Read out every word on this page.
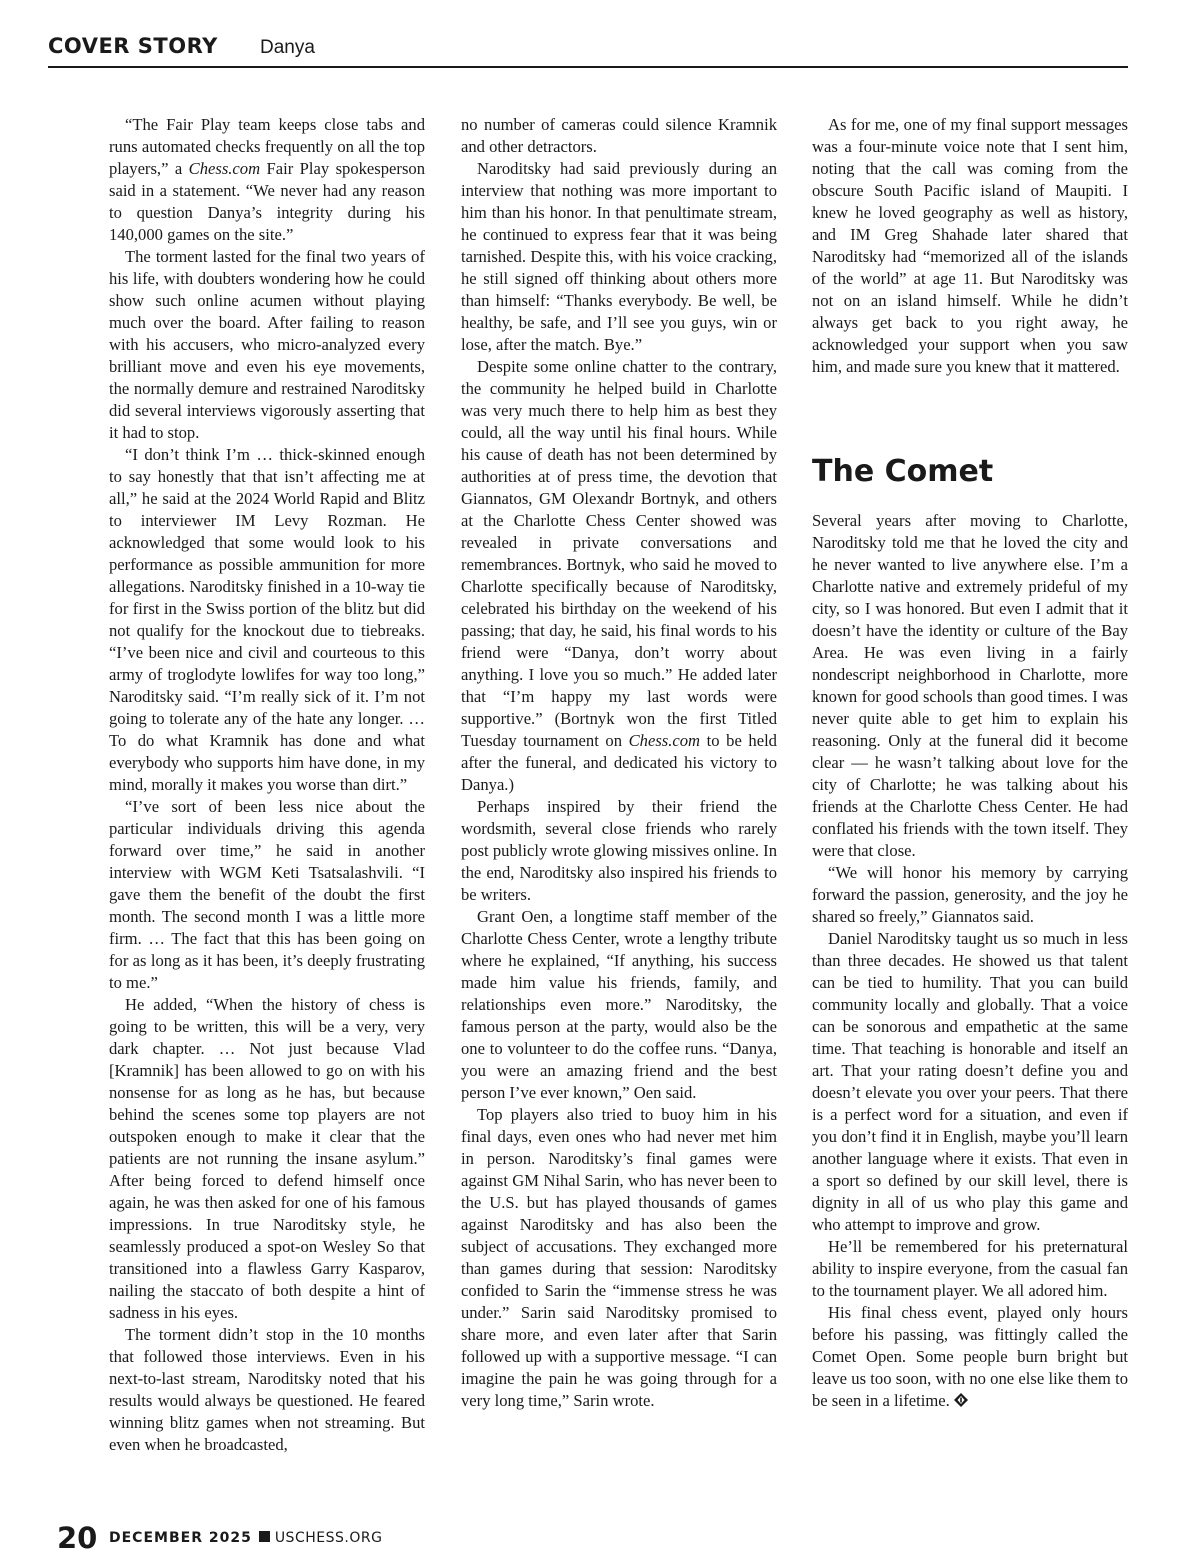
COVER STORY Danya

“The Fair Play team keeps close tabs and runs automated checks frequently on all the top players,” a Chess.com Fair Play spokesperson said in a statement. “We never had any reason to question Danya’s integrity during his 140,000 games on the site.”

The torment lasted for the final two years of his life, with doubters wondering how he could show such online acumen without playing much over the board. After failing to reason with his accusers, who micro-analyzed every brilliant move and even his eye movements, the normally demure and restrained Naroditsky did several interviews vigorously asserting that it had to stop.

“I don’t think I’m … thick-skinned enough to say honestly that that isn’t affecting me at all,” he said at the 2024 World Rapid and Blitz to interviewer IM Levy Rozman. He acknowledged that some would look to his performance as possible ammunition for more allegations. Naroditsky finished in a 10-way tie for first in the Swiss portion of the blitz but did not qualify for the knockout due to tiebreaks. “I’ve been nice and civil and courteous to this army of troglodyte lowlifes for way too long,” Naroditsky said. “I’m really sick of it. I’m not going to tolerate any of the hate any longer. … To do what Kramnik has done and what everybody who supports him have done, in my mind, morally it makes you worse than dirt.”

“I’ve sort of been less nice about the particular individuals driving this agenda forward over time,” he said in another interview with WGM Keti Tsatsalashvili. “I gave them the benefit of the doubt the first month. The second month I was a little more firm. … The fact that this has been going on for as long as it has been, it’s deeply frustrating to me.”

He added, “When the history of chess is going to be written, this will be a very, very dark chapter. … Not just because Vlad [Kramnik] has been allowed to go on with his nonsense for as long as he has, but because behind the scenes some top players are not outspoken enough to make it clear that the patients are not running the insane asylum.” After being forced to defend himself once again, he was then asked for one of his famous impressions. In true Naroditsky style, he seamlessly produced a spot-on Wesley So that transitioned into a flawless Garry Kasparov, nailing the staccato of both despite a hint of sadness in his eyes.

The torment didn’t stop in the 10 months that followed those interviews. Even in his next-to-last stream, Naroditsky noted that his results would always be questioned. He feared winning blitz games when not streaming. But even when he broadcasted,

no number of cameras could silence Kramnik and other detractors.

Naroditsky had said previously during an interview that nothing was more important to him than his honor. In that penultimate stream, he continued to express fear that it was being tarnished. Despite this, with his voice cracking, he still signed off thinking about others more than himself: “Thanks everybody. Be well, be healthy, be safe, and I’ll see you guys, win or lose, after the match. Bye.”

Despite some online chatter to the contrary, the community he helped build in Charlotte was very much there to help him as best they could, all the way until his final hours. While his cause of death has not been determined by authorities at of press time, the devotion that Giannatos, GM Olexandr Bortnyk, and others at the Charlotte Chess Center showed was revealed in private conversations and remembrances. Bortnyk, who said he moved to Charlotte specifically because of Naroditsky, celebrated his birthday on the weekend of his passing; that day, he said, his final words to his friend were “Danya, don’t worry about anything. I love you so much.” He added later that “I’m happy my last words were supportive.” (Bortnyk won the first Titled Tuesday tournament on Chess.com to be held after the funeral, and dedicated his victory to Danya.)

Perhaps inspired by their friend the wordsmith, several close friends who rarely post publicly wrote glowing missives online. In the end, Naroditsky also inspired his friends to be writers.

Grant Oen, a longtime staff member of the Charlotte Chess Center, wrote a lengthy tribute where he explained, “If anything, his success made him value his friends, family, and relationships even more.” Naroditsky, the famous person at the party, would also be the one to volunteer to do the coffee runs. “Danya, you were an amazing friend and the best person I’ve ever known,” Oen said.

Top players also tried to buoy him in his final days, even ones who had never met him in person. Naroditsky’s final games were against GM Nihal Sarin, who has never been to the U.S. but has played thousands of games against Naroditsky and has also been the subject of accusations. They exchanged more than games during that session: Naroditsky confided to Sarin the “immense stress he was under.” Sarin said Naroditsky promised to share more, and even later after that Sarin followed up with a supportive message. “I can imagine the pain he was going through for a very long time,” Sarin wrote.

As for me, one of my final support messages was a four-minute voice note that I sent him, noting that the call was coming from the obscure South Pacific island of Maupiti. I knew he loved geography as well as history, and IM Greg Shahade later shared that Naroditsky had “memorized all of the islands of the world” at age 11. But Naroditsky was not on an island himself. While he didn’t always get back to you right away, he acknowledged your support when you saw him, and made sure you knew that it mattered.

The Comet

Several years after moving to Charlotte, Naroditsky told me that he loved the city and he never wanted to live anywhere else. I’m a Charlotte native and extremely prideful of my city, so I was honored. But even I admit that it doesn’t have the identity or culture of the Bay Area. He was even living in a fairly nondescript neighborhood in Charlotte, more known for good schools than good times. I was never quite able to get him to explain his reasoning. Only at the funeral did it become clear — he wasn’t talking about love for the city of Charlotte; he was talking about his friends at the Charlotte Chess Center. He had conflated his friends with the town itself. They were that close.

“We will honor his memory by carrying forward the passion, generosity, and the joy he shared so freely,” Giannatos said.

Daniel Naroditsky taught us so much in less than three decades. He showed us that talent can be tied to humility. That you can build community locally and globally. That a voice can be sonorous and empathetic at the same time. That teaching is honorable and itself an art. That your rating doesn’t define you and doesn’t elevate you over your peers. That there is a perfect word for a situation, and even if you don’t find it in English, maybe you’ll learn another language where it exists. That even in a sport so defined by our skill level, there is dignity in all of us who play this game and who attempt to improve and grow.

He’ll be remembered for his preternatural ability to inspire everyone, from the casual fan to the tournament player. We all adored him.

His final chess event, played only hours before his passing, was fittingly called the Comet Open. Some people burn bright but leave us too soon, with no one else like them to be seen in a lifetime.

20 DECEMBER 2025 USCHESS.ORG
